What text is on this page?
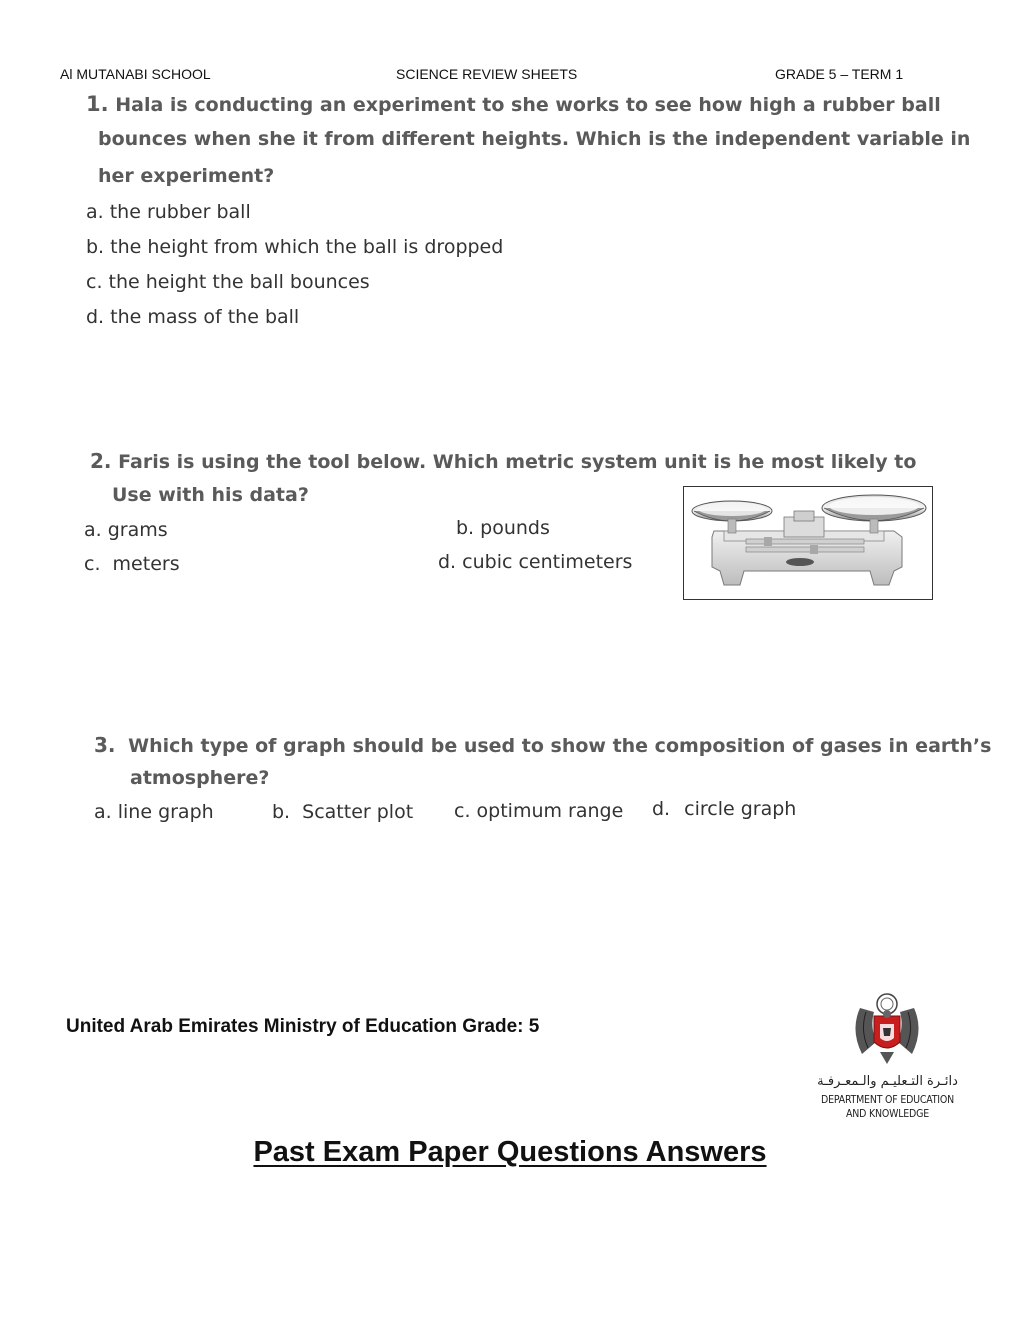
Al MUTANABI SCHOOL	SCIENCE REVIEW SHEETS	GRADE 5 – TERM 1
1. Hala is conducting an experiment to she works to see how high a rubber ball
bounces when she it from different heights. Which is the independent variable in
her experiment?
a. the rubber ball
b. the height from which the ball is dropped
c. the height the ball bounces
d. the mass of the ball
2. Faris is using the tool below. Which metric system unit is he most likely to
Use with his data?
a. grams	b. pounds
c. meters	d. cubic centimeters
3. Which type of graph should be used to show the composition of gases in earth’s
atmosphere?
a. line graph	b. Scatter plot c. optimum range d. circle graph
United Arab Emirates Ministry of Education Grade: 5
دائـرة التـعليـم والـمعـرفـة
DEPARTMENT OF EDUCATION
AND KNOWLEDGE
Past Exam Paper Questions Answers
